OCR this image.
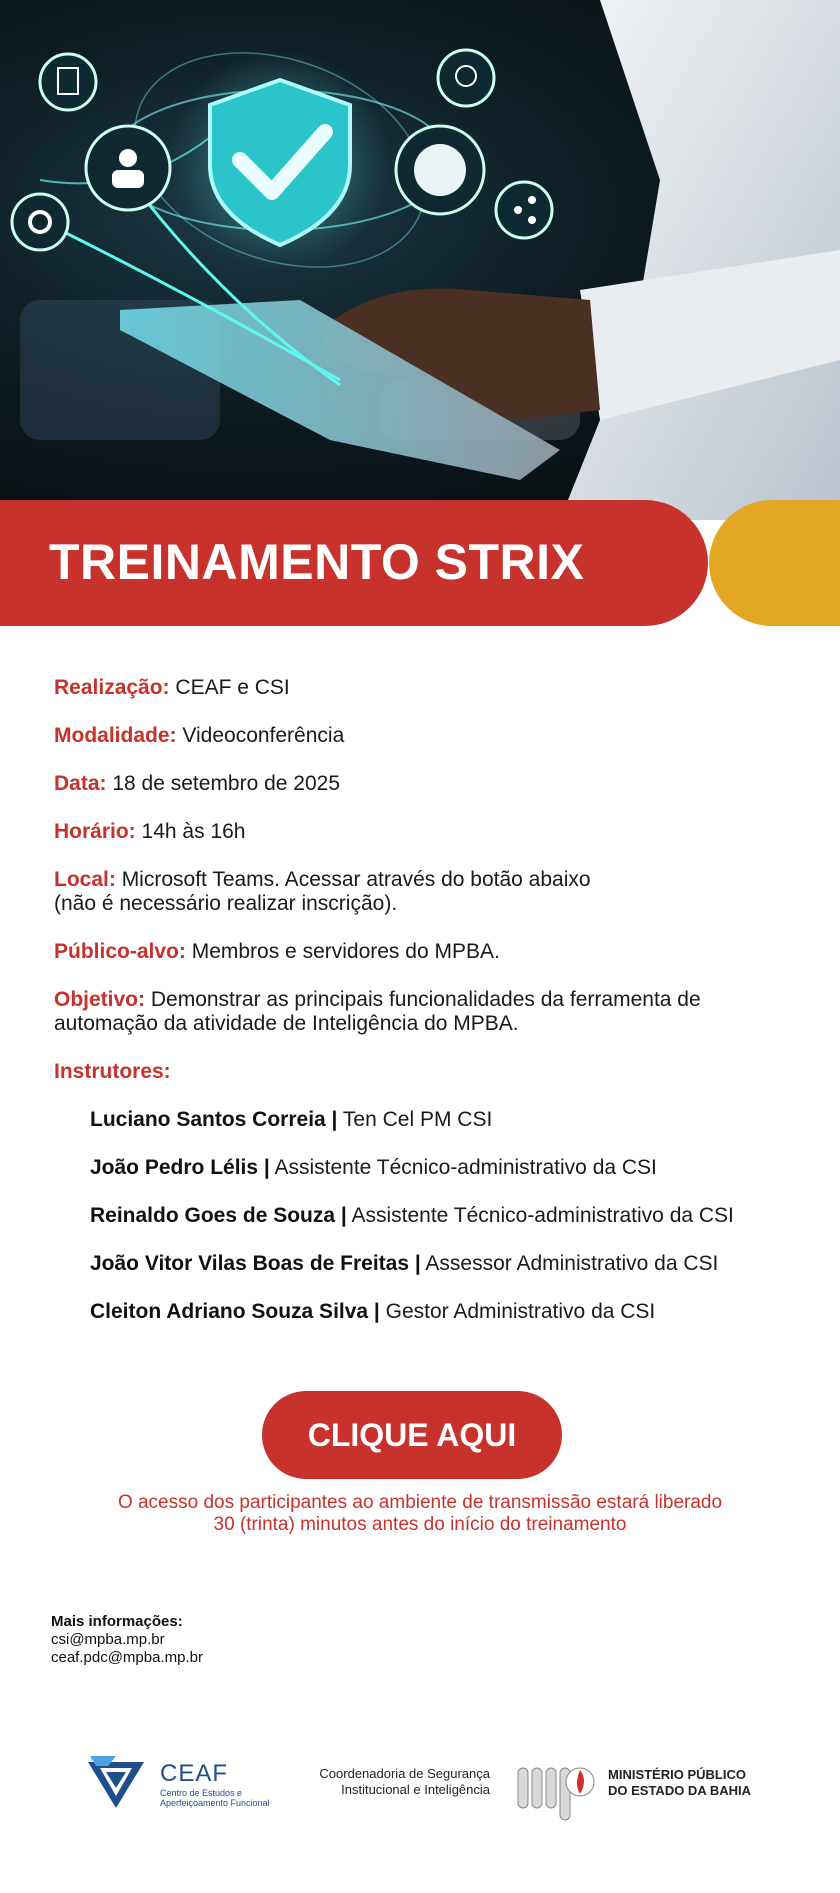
TREINAMENTO STRIX

Realização: CEAF e CSI

Modalidade: Videoconferência

Data: 18 de setembro de 2025

Horário: 14h às 16h

Local: Microsoft Teams. Acessar através do botão abaixo
(não é necessário realizar inscrição).

Público-alvo: Membros e servidores do MPBA.

Objetivo: Demonstrar as principais funcionalidades da ferramenta de
automação da atividade de Inteligência do MPBA.

Instrutores:

Luciano Santos Correia | Ten Cel PM CSI
João Pedro Lélis | Assistente Técnico-administrativo da CSI
Reinaldo Goes de Souza | Assistente Técnico-administrativo da CSI
João Vitor Vilas Boas de Freitas | Assessor Administrativo da CSI
Cleiton Adriano Souza Silva | Gestor Administrativo da CSI
CLIQUE AQUI
O acesso dos participantes ao ambiente de transmissão estará liberado
30 (trinta) minutos antes do início do treinamento
Mais informações:
csi@mpba.mp.br
ceaf.pdc@mpba.mp.br
CEAF
Centro de Estudos e
Aperfeiçoamento Funcional
Coordenadoria de Segurança
Institucional e Inteligência
MINISTÉRIO PÚBLICO
DO ESTADO DA BAHIA
